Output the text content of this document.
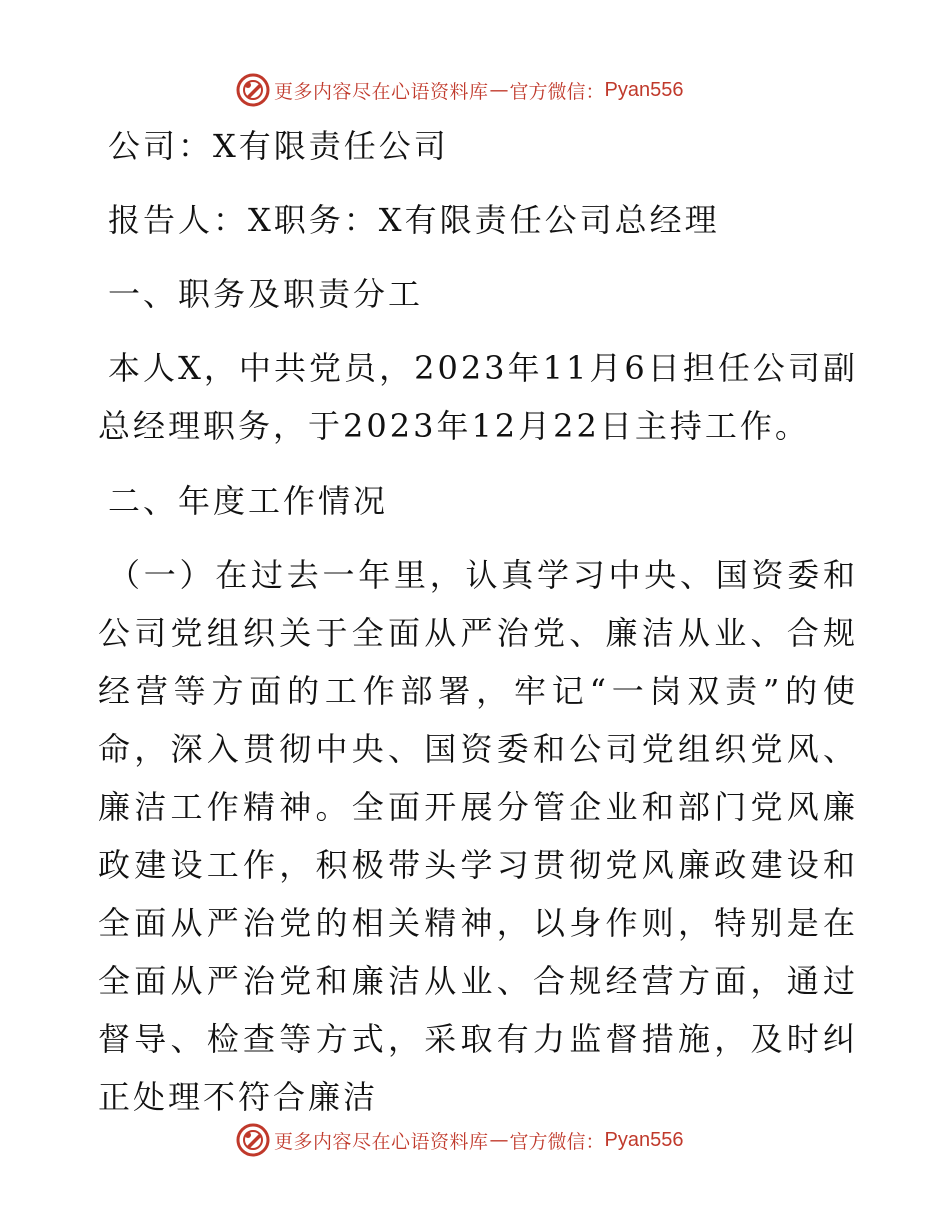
更多内容尽在心语资料库 — 官方微信： Pyan556
公司：X有限责任公司
报告人：X职务：X有限责任公司总经理
一、职务及职责分工
本人X，中共党员，2023年11月6日担任公司副总经理职务，于2023年12月22日主持工作。
二、年度工作情况
（一）在过去一年里，认真学习中央、国资委和公司党组织关于全面从严治党、廉洁从业、合规经营等方面的工作部署，牢记“一岗双责”的使命，深入贯彻中央、国资委和公司党组织党风、廉洁工作精神。全面开展分管企业和部门党风廉政建设工作，积极带头学习贯彻党风廉政建设和全面从严治党的相关精神，以身作则，特别是在全面从严治党和廉洁从业、合规经营方面，通过督导、检查等方式，采取有力监督措施，及时纠正处理不符合廉洁
更多内容尽在心语资料库 — 官方微信： Pyan556
